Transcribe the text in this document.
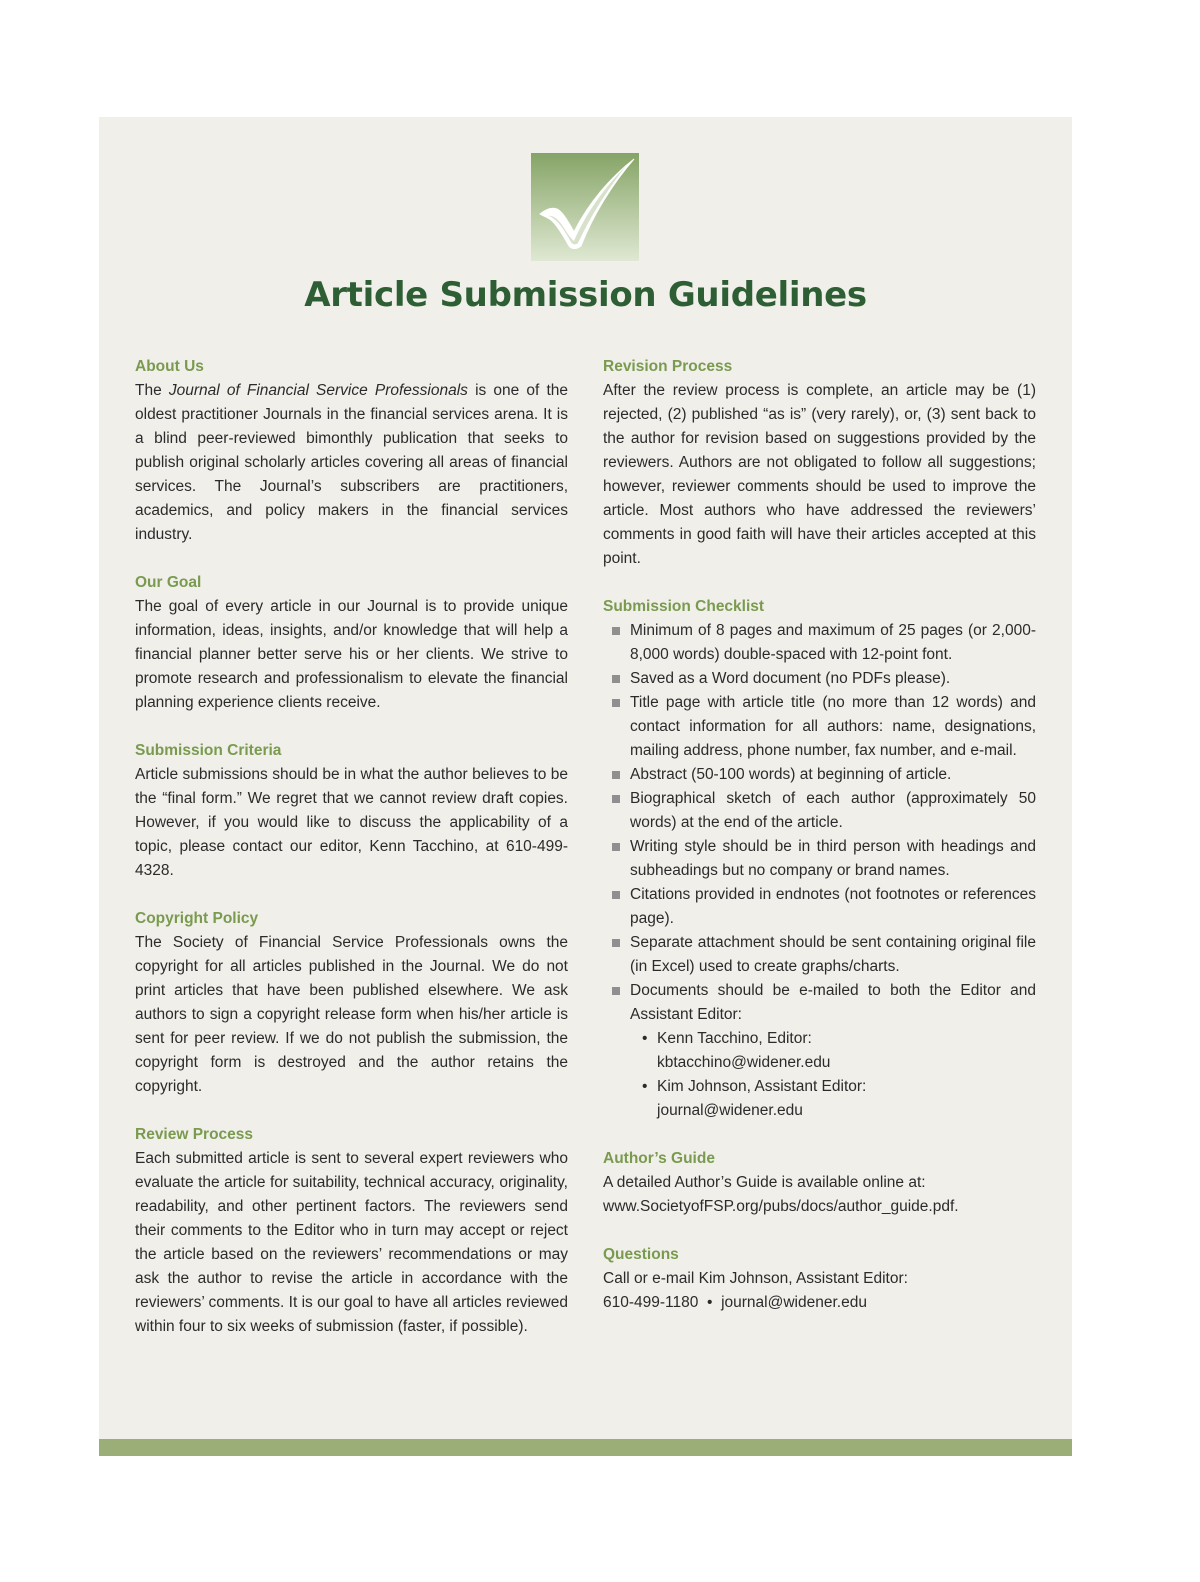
Article Submission Guidelines
About Us

The Journal of Financial Service Professionals is one of the oldest practitioner Journals in the financial services arena. It is a blind peer-reviewed bimonthly publication that seeks to publish original scholarly articles covering all areas of financial services. The Journal’s subscribers are practitioners, academics, and policy makers in the financial services industry.

Our Goal

The goal of every article in our Journal is to provide unique information, ideas, insights, and/or knowledge that will help a financial planner better serve his or her clients. We strive to promote research and professionalism to elevate the financial planning experience clients receive.

Submission Criteria

Article submissions should be in what the author believes to be the “final form.” We regret that we cannot review draft copies. However, if you would like to discuss the applicability of a topic, please contact our editor, Kenn Tacchino, at 610-499-4328.

Copyright Policy

The Society of Financial Service Professionals owns the copyright for all articles published in the Journal. We do not print articles that have been published elsewhere. We ask authors to sign a copyright release form when his/her article is sent for peer review. If we do not publish the submission, the copyright form is destroyed and the author retains the copyright.

Review Process

Each submitted article is sent to several expert reviewers who evaluate the article for suitability, technical accuracy, originality, readability, and other pertinent factors. The reviewers send their comments to the Editor who in turn may accept or reject the article based on the reviewers’ recommendations or may ask the author to revise the article in accordance with the reviewers’ comments. It is our goal to have all articles reviewed within four to six weeks of submission (faster, if possible).

Revision Process

After the review process is complete, an article may be (1) rejected, (2) published “as is” (very rarely), or, (3) sent back to the author for revision based on suggestions provided by the reviewers. Authors are not obligated to follow all suggestions; however, reviewer comments should be used to improve the article. Most authors who have addressed the reviewers’ comments in good faith will have their articles accepted at this point.

Submission Checklist
Minimum of 8 pages and maximum of 25 pages (or 2,000-8,000 words) double-spaced with 12-point font.
Saved as a Word document (no PDFs please).
Title page with article title (no more than 12 words) and contact information for all authors: name, designations, mailing address, phone number, fax number, and e-mail.
Abstract (50-100 words) at beginning of article.
Biographical sketch of each author (approximately 50 words) at the end of the article.
Writing style should be in third person with headings and subheadings but no company or brand names.
Citations provided in endnotes (not footnotes or references page).
Separate attachment should be sent containing original file (in Excel) used to create graphs/charts.
Documents should be e-mailed to both the Editor and Assistant Editor:
• Kenn Tacchino, Editor:
kbtacchino@widener.edu
• Kim Johnson, Assistant Editor:
journal@widener.edu
Author’s Guide
A detailed Author’s Guide is available online at:
www.SocietyofFSP.org/pubs/docs/author_guide.pdf.
Questions
Call or e-mail Kim Johnson, Assistant Editor:
610-499-1180 • journal@widener.edu
